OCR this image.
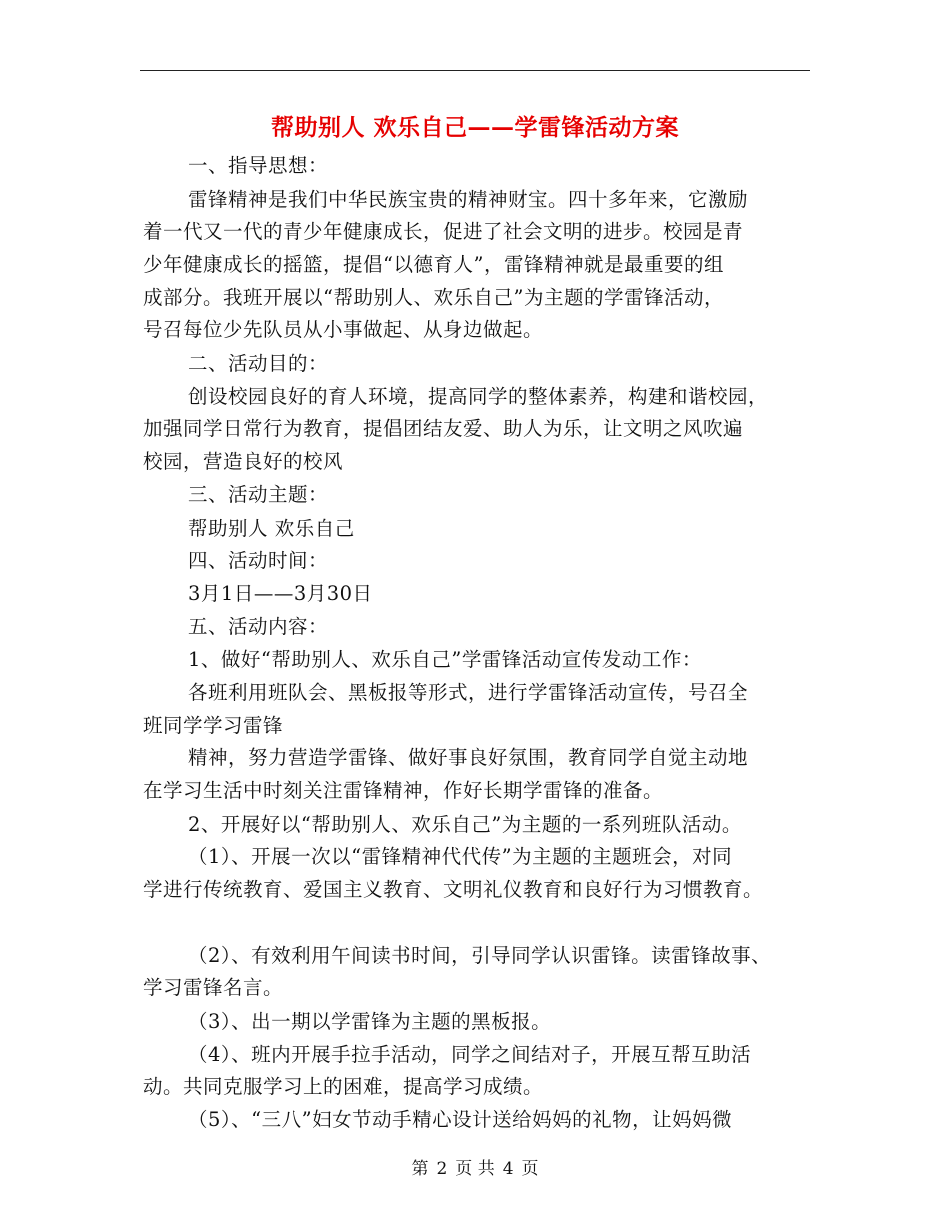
帮助别人 欢乐自己——学雷锋活动方案
一、指导思想：
雷锋精神是我们中华民族宝贵的精神财宝。四十多年来，它激励
着一代又一代的青少年健康成长，促进了社会文明的进步。校园是青
少年健康成长的摇篮，提倡“以德育人”，雷锋精神就是最重要的组
成部分。我班开展以“帮助别人、欢乐自己”为主题的学雷锋活动，
号召每位少先队员从小事做起、从身边做起。
二、活动目的：
创设校园良好的育人环境，提高同学的整体素养，构建和谐校园，
加强同学日常行为教育，提倡团结友爱、助人为乐，让文明之风吹遍
校园，营造良好的校风
三、活动主题：
帮助别人 欢乐自己
四、活动时间：
3月1日——3月30日
五、活动内容：
1、做好“帮助别人、欢乐自己”学雷锋活动宣传发动工作：
各班利用班队会、黑板报等形式，进行学雷锋活动宣传，号召全
班同学学习雷锋
精神，努力营造学雷锋、做好事良好氛围，教育同学自觉主动地
在学习生活中时刻关注雷锋精神，作好长期学雷锋的准备。
2、开展好以“帮助别人、欢乐自己”为主题的一系列班队活动。
（1）、开展一次以“雷锋精神代代传”为主题的主题班会，对同
学进行传统教育、爱国主义教育、文明礼仪教育和良好行为习惯教育。
（2）、有效利用午间读书时间，引导同学认识雷锋。读雷锋故事、
学习雷锋名言。
（3）、出一期以学雷锋为主题的黑板报。
（4）、班内开展手拉手活动，同学之间结对子，开展互帮互助活
动。共同克服学习上的困难，提高学习成绩。
（5）、“三八”妇女节动手精心设计送给妈妈的礼物，让妈妈微
第 2 页 共 4 页
